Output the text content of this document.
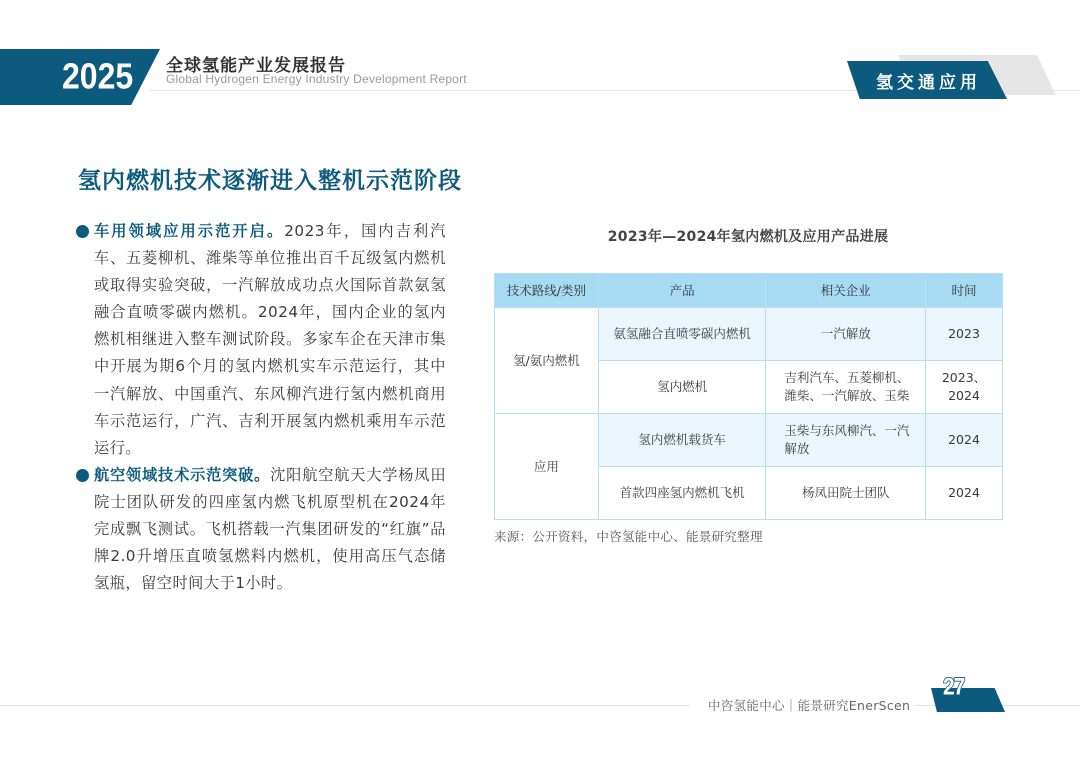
2025 全球氢能产业发展报告
Global Hydrogen Energy Industry Development Report	氢交通应用
氢内燃机技术逐渐进入整机示范阶段

车用领域应用示范开启。2023年，国内吉利汽车、五菱柳机、潍柴等单位推出百千瓦级氢内燃机或取得实验突破，一汽解放成功点火国际首款氨氢融合直喷零碳内燃机。2024年，国内企业的氢内燃机相继进入整车测试阶段。多家车企在天津市集中开展为期6个月的氢内燃机实车示范运行，其中一汽解放、中国重汽、东风柳汽进行氢内燃机商用车示范运行，广汽、吉利开展氢内燃机乘用车示范运行。

航空领域技术示范突破。沈阳航空航天大学杨凤田院士团队研发的四座氢内燃飞机原型机在2024年完成飘飞测试。飞机搭载一汽集团研发的“红旗”品牌2.0升增压直喷氢燃料内燃机，使用高压气态储氢瓶，留空时间大于1小时。

2023年—2024年氢内燃机及应用产品进展
技术路线/类别	产品	相关企业	时间
氢/氨内燃机	氨氢融合直喷零碳内燃机	一汽解放	2023
	氢内燃机	吉利汽车、五菱柳机、潍柴、一汽解放、玉柴	2023、2024
应用	氢内燃机载货车	玉柴与东风柳汽、一汽解放	2024
	首款四座氢内燃机飞机	杨凤田院士团队	2024
来源：公开资料，中咨氢能中心、能景研究整理
中咨氢能中心｜能景研究EnerScen
27
